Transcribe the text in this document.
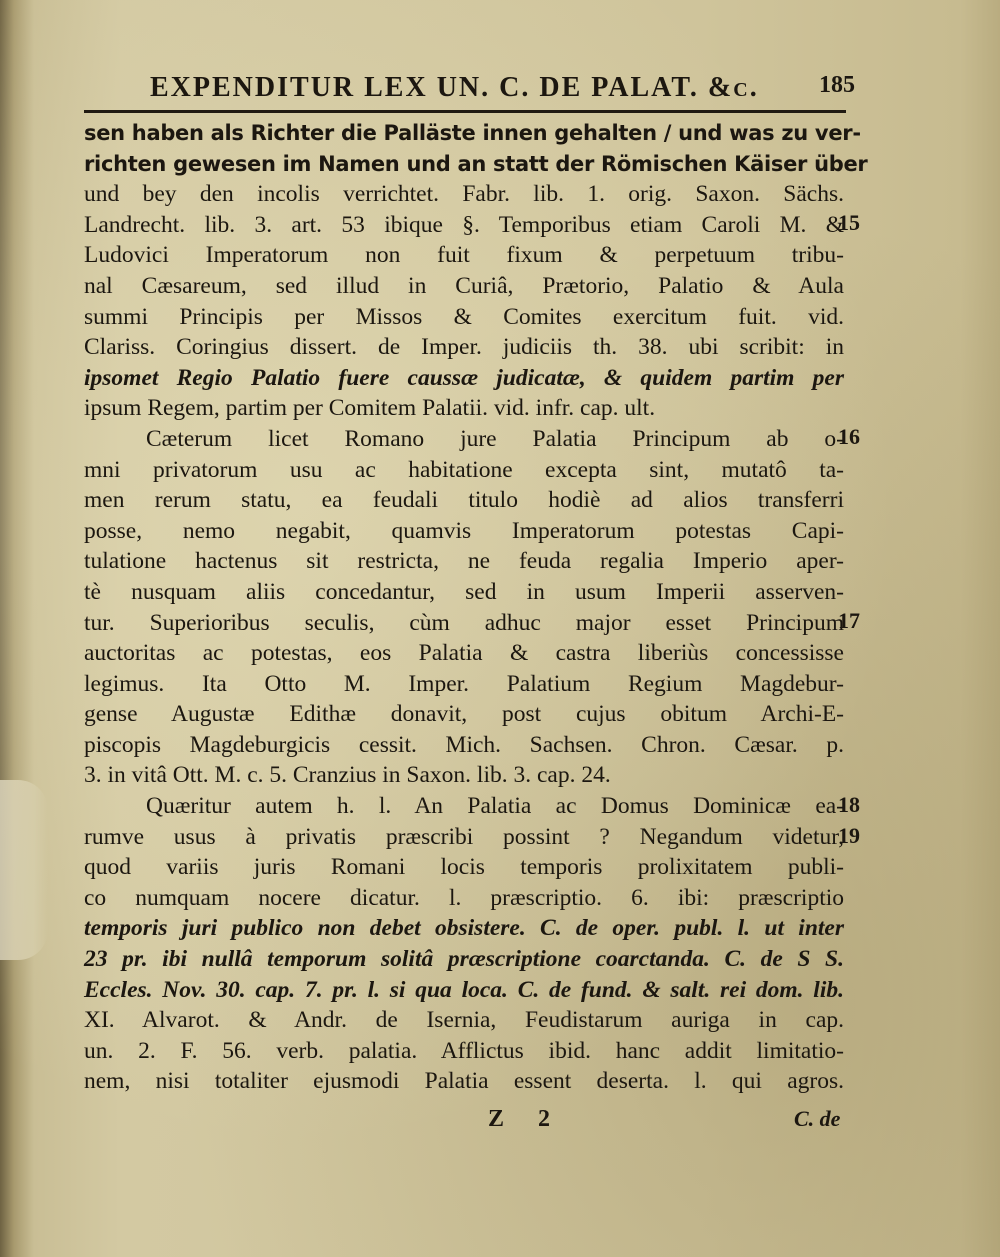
EXPENDITUR LEX UN. C. DE PALAT. &c.	185
sen haben als Richter die Palläste innen gehalten / und was zu ver-
richten gewesen im Namen und an statt der Römischen Käiser über
und bey den incolis verrichtet. Fabr. lib. 1. orig. Saxon. Sächs.
Landrecht. lib. 3. art. 53 ibique §. Temporibus etiam Caroli M. &
Ludovici Imperatorum non fuit fixum & perpetuum tribu-
nal Cæsareum, sed illud in Curiâ, Prætorio, Palatio & Aula
summi Principis per Missos & Comites exercitum fuit. vid.
Clariss. Coringius dissert. de Imper. judiciis th. 38. ubi scribit: in
ipsomet Regio Palatio fuere caussæ judicatæ, & quidem partim per
ipsum Regem, partim per Comitem Palatii. vid. infr. cap. ult.
Cæterum licet Romano jure Palatia Principum ab o-
mni privatorum usu ac habitatione excepta sint, mutatô ta-
men rerum statu, ea feudali titulo hodiè ad alios transferri
posse, nemo negabit, quamvis Imperatorum potestas Capi-
tulatione hactenus sit restricta, ne feuda regalia Imperio aper-
tè nusquam aliis concedantur, sed in usum Imperii asserven-
tur. Superioribus seculis, cùm adhuc major esset Principum
auctoritas ac potestas, eos Palatia & castra liberiùs concessisse
legimus. Ita Otto M. Imper. Palatium Regium Magdebur-
gense Augustæ Edithæ donavit, post cujus obitum Archi-E-
piscopis Magdeburgicis cessit. Mich. Sachsen. Chron. Cæsar. p.
3. in vitâ Ott. M. c. 5. Cranzius in Saxon. lib. 3. cap. 24.
Quæritur autem h. l. An Palatia ac Domus Dominicæ ea-
rumve usus à privatis præscribi possint ? Negandum videtur,
quod variis juris Romani locis temporis prolixitatem publi-
co numquam nocere dicatur. l. præscriptio. 6. ibi: præscriptio
temporis juri publico non debet obsistere. C. de oper. publ. l. ut inter
23 pr. ibi nullâ temporum solitâ præscriptione coarctanda. C. de S S.
Eccles. Nov. 30. cap. 7. pr. l. si qua loca. C. de fund. & salt. rei dom. lib.
XI. Alvarot. & Andr. de Isernia, Feudistarum auriga in cap.
un. 2. F. 56. verb. palatia. Afflictus ibid. hanc addit limitatio-
nem, nisi totaliter ejusmodi Palatia essent deserta. l. qui agros.
15
16
17
18
19
Z 2	C. de
